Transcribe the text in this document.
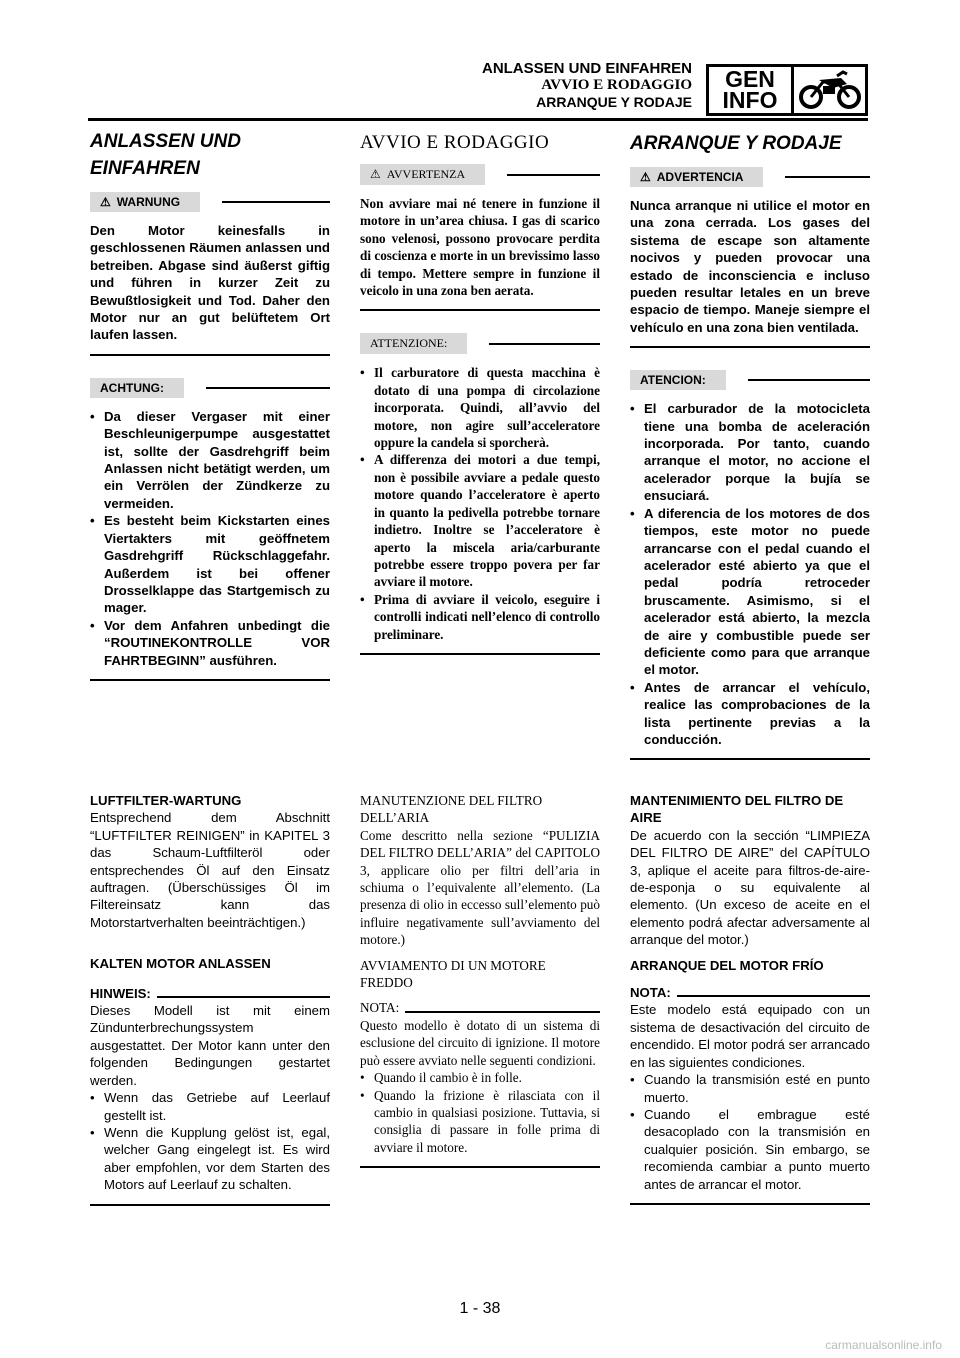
ANLASSEN UND EINFAHREN
AVVIO E RODAGGIO
ARRANQUE Y RODAJE
GEN
INFO
ANLASSEN UND EINFAHREN
⚠ WARNUNG
Den Motor keinesfalls in geschlossenen Räumen anlassen und betreiben. Abgase sind äußerst giftig und führen in kurzer Zeit zu Bewußtlosigkeit und Tod. Daher den Motor nur an gut belüftetem Ort laufen lassen.
ACHTUNG:
• Da dieser Vergaser mit einer Beschleunigerpumpe ausgestattet ist, sollte der Gasdrehgriff beim Anlassen nicht betätigt werden, um ein Verrölen der Zündkerze zu vermeiden.
• Es besteht beim Kickstarten eines Viertakters mit geöffnetem Gasdrehgriff Rückschlaggefahr. Außerdem ist bei offener Drosselklappe das Startgemisch zu mager.
• Vor dem Anfahren unbedingt die “ROUTINEKONTROLLE VOR FAHRTBEGINN” ausführen.
LUFTFILTER-WARTUNG
Entsprechend dem Abschnitt “LUFTFILTER REINIGEN” in KAPITEL 3 das Schaum-Luftfilteröl oder entsprechendes Öl auf den Einsatz auftragen. (Überschüssiges Öl im Filtereinsatz kann das Motorstartverhalten beeinträchtigen.)
KALTEN MOTOR ANLASSEN
HINWEIS:
Dieses Modell ist mit einem Zündunterbrechungssystem ausgestattet. Der Motor kann unter den folgenden Bedingungen gestartet werden.
• Wenn das Getriebe auf Leerlauf gestellt ist.
• Wenn die Kupplung gelöst ist, egal, welcher Gang eingelegt ist. Es wird aber empfohlen, vor dem Starten des Motors auf Leerlauf zu schalten.
AVVIO E RODAGGIO
⚠ AVVERTENZA
Non avviare mai né tenere in funzione il motore in un’area chiusa. I gas di scarico sono velenosi, possono provocare perdita di coscienza e morte in un brevissimo lasso di tempo. Mettere sempre in funzione il veicolo in una zona ben aerata.
ATTENZIONE:
• Il carburatore di questa macchina è dotato di una pompa di circolazione incorporata. Quindi, all’avvio del motore, non agire sull’acceleratore oppure la candela si sporcherà.
• A differenza dei motori a due tempi, non è possibile avviare a pedale questo motore quando l’acceleratore è aperto in quanto la pedivella potrebbe tornare indietro. Inoltre se l’acceleratore è aperto la miscela aria/carburante potrebbe essere troppo povera per far avviare il motore.
• Prima di avviare il veicolo, eseguire i controlli indicati nell’elenco di controllo preliminare.
MANUTENZIONE DEL FILTRO DELL’ARIA
Come descritto nella sezione “PULIZIA DEL FILTRO DELL’ARIA” del CAPITOLO 3, applicare olio per filtri dell’aria in schiuma o l’equivalente all’elemento. (La presenza di olio in eccesso sull’elemento può influire negativamente sull’avviamento del motore.)
AVVIAMENTO DI UN MOTORE FREDDO
NOTA:
Questo modello è dotato di un sistema di esclusione del circuito di ignizione. Il motore può essere avviato nelle seguenti condizioni.
• Quando il cambio è in folle.
• Quando la frizione è rilasciata con il cambio in qualsiasi posizione. Tuttavia, si consiglia di passare in folle prima di avviare il motore.
ARRANQUE Y RODAJE
⚠ ADVERTENCIA
Nunca arranque ni utilice el motor en una zona cerrada. Los gases del sistema de escape son altamente nocivos y pueden provocar una estado de inconsciencia e incluso pueden resultar letales en un breve espacio de tiempo. Maneje siempre el vehículo en una zona bien ventilada.
ATENCION:
• El carburador de la motocicleta tiene una bomba de aceleración incorporada. Por tanto, cuando arranque el motor, no accione el acelerador porque la bujía se ensuciará.
• A diferencia de los motores de dos tiempos, este motor no puede arrancarse con el pedal cuando el acelerador esté abierto ya que el pedal podría retroceder bruscamente. Asimismo, si el acelerador está abierto, la mezcla de aire y combustible puede ser deficiente como para que arranque el motor.
• Antes de arrancar el vehículo, realice las comprobaciones de la lista pertinente previas a la conducción.
MANTENIMIENTO DEL FILTRO DE AIRE
De acuerdo con la sección “LIMPIEZA DEL FILTRO DE AIRE” del CAPÍTULO 3, aplique el aceite para filtros-de-aire-de-esponja o su equivalente al elemento. (Un exceso de aceite en el elemento podrá afectar adversamente al arranque del motor.)
ARRANQUE DEL MOTOR FRÍO
NOTA:
Este modelo está equipado con un sistema de desactivación del circuito de encendido. El motor podrá ser arrancado en las siguientes condiciones.
• Cuando la transmisión esté en punto muerto.
• Cuando el embrague esté desacoplado con la transmisión en cualquier posición. Sin embargo, se recomienda cambiar a punto muerto antes de arrancar el motor.
1 - 38
carmanualsonline.info
